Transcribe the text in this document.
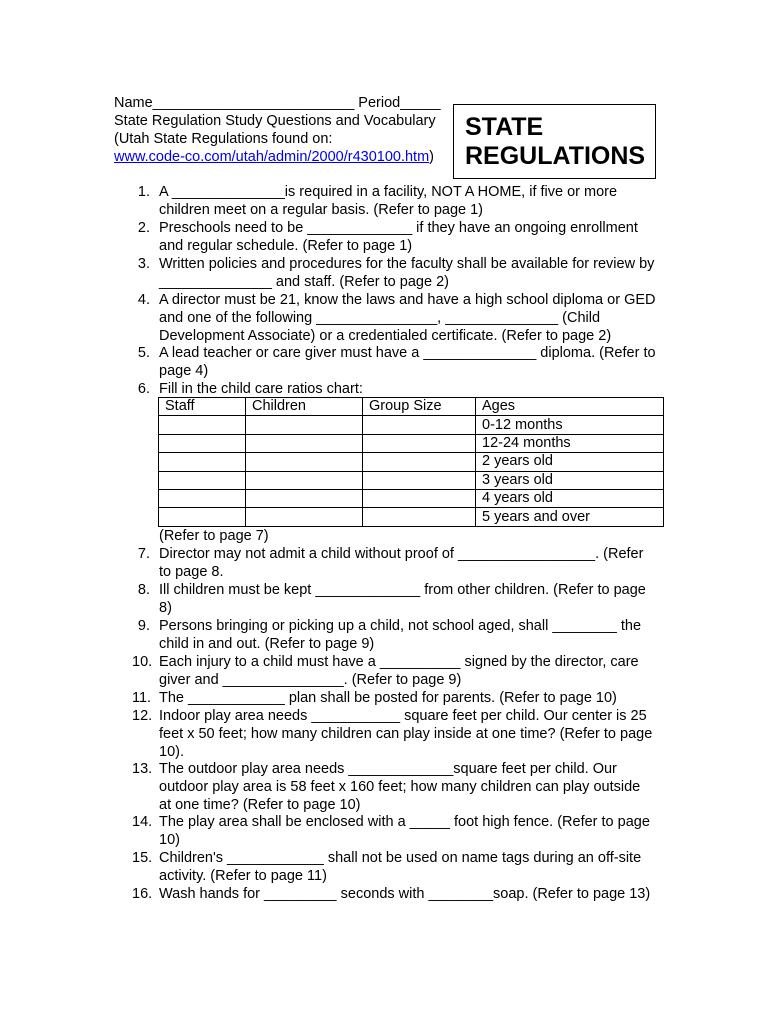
Name_________________________ Period_____
State Regulation Study Questions and Vocabulary
(Utah State Regulations found on:
www.code-co.com/utah/admin/2000/r430100.htm)
STATE
REGULATIONS
1. A ______________is required in a facility, NOT A HOME, if five or more children meet on a regular basis. (Refer to page 1)
2. Preschools need to be _____________ if they have an ongoing enrollment and regular schedule. (Refer to page 1)
3. Written policies and procedures for the faculty shall be available for review by ______________ and staff. (Refer to page 2)
4. A director must be 21, know the laws and have a high school diploma or GED and one of the following _______________, ______________ (Child Development Associate) or a credentialed certificate. (Refer to page 2)
5. A lead teacher or care giver must have a ______________ diploma. (Refer to page 4)
6. Fill in the child care ratios chart:
Staff	Children	Group Size	Ages
			0-12 months
			12-24 months
			2 years old
			3 years old
			4 years old
			5 years and over
(Refer to page 7)
7. Director may not admit a child without proof of _________________. (Refer to page 8.
8. Ill children must be kept _____________ from other children. (Refer to page 8)
9. Persons bringing or picking up a child, not school aged, shall ________ the child in and out. (Refer to page 9)
10. Each injury to a child must have a __________ signed by the director, care giver and _______________. (Refer to page 9)
11. The ____________ plan shall be posted for parents. (Refer to page 10)
12. Indoor play area needs ___________ square feet per child. Our center is 25 feet x 50 feet; how many children can play inside at one time? (Refer to page 10).
13. The outdoor play area needs _____________square feet per child. Our outdoor play area is 58 feet x 160 feet; how many children can play outside at one time? (Refer to page 10)
14. The play area shall be enclosed with a _____ foot high fence. (Refer to page 10)
15. Children's ____________ shall not be used on name tags during an off-site activity. (Refer to page 11)
16. Wash hands for _________ seconds with ________soap. (Refer to page 13)
